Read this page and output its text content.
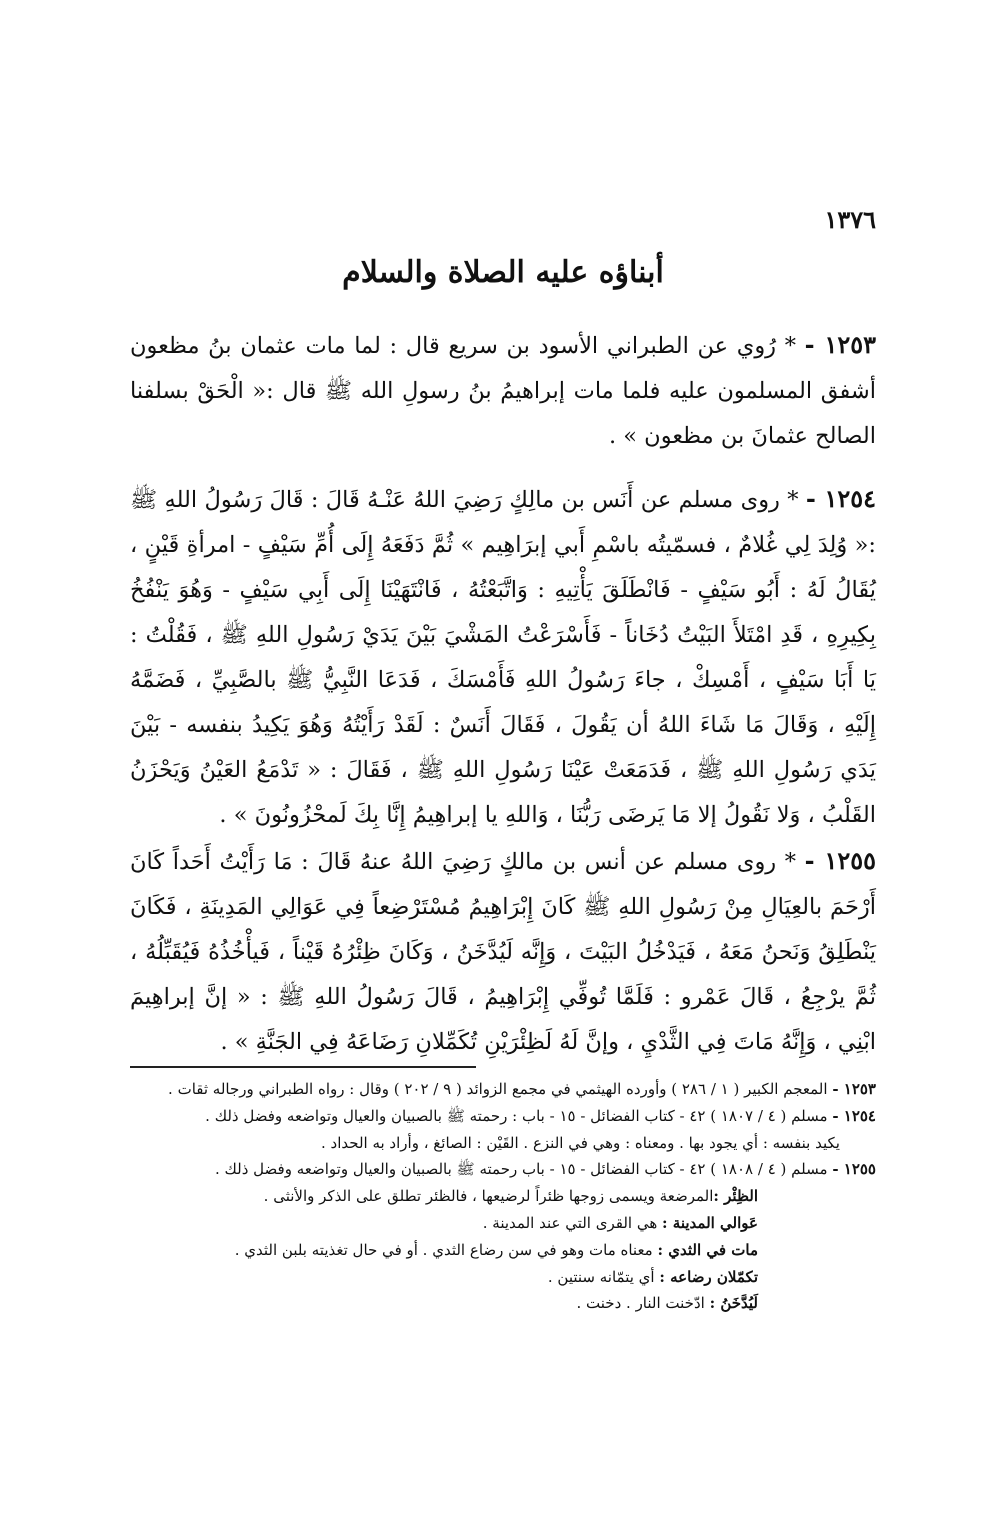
١٣٧٦
أبناؤه عليه الصلاة والسلام

١٢٥٣ - * رُوي عن الطبراني الأسود بن سريع قال : لما مات عثمان بنُ مظعون أشفق المسلمون عليه فلما مات إبراهيمُ بنُ رسولِ الله ﷺ قال :« الْحَقْ بسلفنا الصالح عثمانَ بن مظعون » .

١٢٥٤ - * روى مسلم عن أَنَس بن مالِكٍ رَضِيَ اللهُ عَنْـهُ قَالَ : قَالَ رَسُولُ اللهِ ﷺ :« وُلِدَ لِي غُلامٌ ، فسمّيتُه باسْمِ أَبي إبرَاهِيم » ثُمَّ دَفَعَهُ إِلَى أُمِّ سَيْفٍ - امرأةِ قَيْنٍ ، يُقَالُ لَهُ : أَبُو سَيْفٍ - فَانْطَلَقَ يَأْتِيهِ : وَاتَّبَعْتُهُ ، فَانْتَهَيْنَا إِلَى أَبِي سَيْفٍ - وَهُوَ يَنْفُخُ بِكِيرِهِ ، قَدِ امْتَلأَ البَيْتُ دُخَاناً - فَأَسْرَعْتُ المَشْيَ بَيْنَ يَدَيْ رَسُولِ اللهِ ﷺ ، فَقُلْتُ : يَا أَبَا سَيْفٍ ، أَمْسِكْ ، جاءَ رَسُولُ اللهِ فَأَمْسَكَ ، فَدَعَا النَّبِيُّ ﷺ بالصَّبِيِّ ، فَضَمَّهُ إِلَيْهِ ، وَقَالَ مَا شَاءَ اللهُ أن يَقُولَ ، فَقَالَ أَنَسٌ : لَقَدْ رَأَيْتُهُ وَهُوَ يَكِيدُ بنفسه - بَيْنَ يَدَي رَسُولِ اللهِ ﷺ ، فَدَمَعَتْ عَيْنَا رَسُولِ اللهِ ﷺ ، فَقَالَ : « تَدْمَعُ العَيْنُ وَيَحْزَنُ القَلْبُ ، وَلا نَقُولُ إلا مَا يَرضَى رَبُّنَا ، وَاللهِ يا إبراهِيمُ إِنَّا بِكَ لَمحْزُونُونَ » .

١٢٥٥ - * روى مسلم عن أنس بن مالكٍ رَضِيَ اللهُ عنهُ قَالَ : مَا رَأَيْتُ أَحَداً كَانَ أَرْحَمَ بالعِيَالِ مِنْ رَسُولِ اللهِ ﷺ كَانَ إِبْرَاهِيمُ مُسْتَرْضِعاً فِي عَوَالِي المَدِينَةِ ، فَكَانَ يَنْطَلِقُ وَنَحنُ مَعَهُ ، فَيَدْخُلُ البَيْتَ ، وَإِنَّه لَيُدَّخَنُ ، وَكَانَ ظِئْرُهُ قَيْناً ، فَيأْخُذُهُ فَيُقَبِّلُهُ ، ثُمَّ يرْجِعُ ، قَالَ عَمْرو : فَلَمَّا تُوفِّي إِبْرَاهِيمُ ، قَالَ رَسُولُ اللهِ ﷺ : « إنَّ إبراهِيمَ ابْنِي ، وَإِنَّهُ مَاتَ فِي الثَّدْيِ ، وإنَّ لَهُ لَظِئْرَيْنِ تُكَمِّلانِ رَضَاعَهُ فِي الجَنَّةِ » .

١٢٥٣ - المعجم الكبير ( ١ / ٢٨٦ ) وأورده الهيثمي في مجمع الزوائد ( ٩ / ٢٠٢ ) وقال : رواه الطبراني ورجاله ثقات .

١٢٥٤ - مسلم ( ٤ / ١٨٠٧ ) ٤٢ - كتاب الفضائل - ١٥ - باب : رحمته ﷺ بالصبيان والعيال وتواضعه وفضل ذلك .

يكيد بنفسه : أي يجود بها . ومعناه : وهي في النزع . القَيْن : الصائغ ، وأراد به الحداد .

١٢٥٥ - مسلم ( ٤ / ١٨٠٨ ) ٤٢ - كتاب الفضائل - ١٥ - باب رحمته ﷺ بالصبيان والعيال وتواضعه وفضل ذلك .

الظِئْر :المرضعة ويسمى زوجها ظئراً لرضيعها ، فالظئر تطلق على الذكر والأنثى .

عَوالي المدينة : هي القرى التي عند المدينة .

مات في الثدي : معناه مات وهو في سن رضاع الثدي . أو في حال تغذيته بلبن الثدي .

تكمّلان رضاعه : أي يتمّانه سنتين .

لَيُدَّخَنُ : ادّخنت النار . دخنت .
